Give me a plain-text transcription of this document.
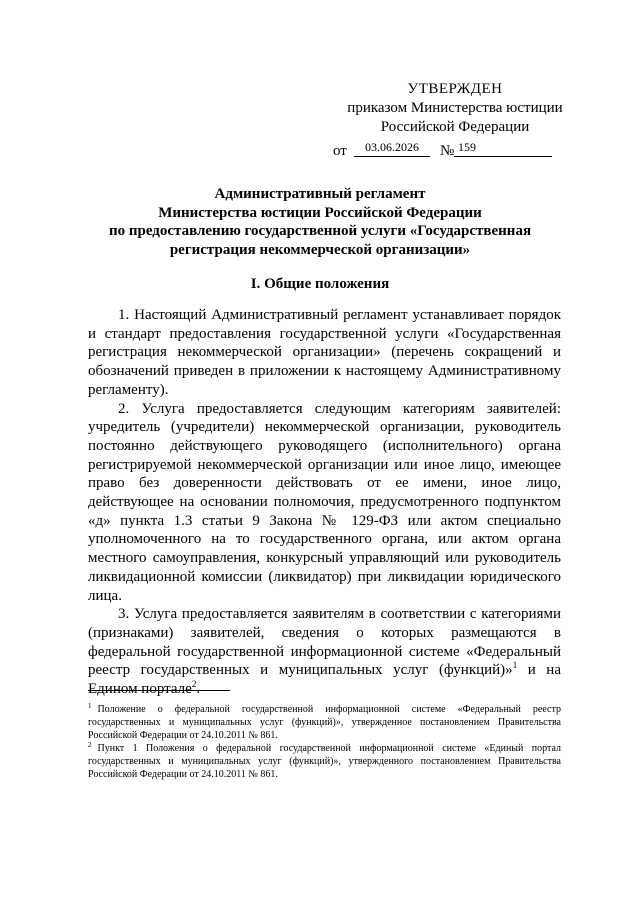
УТВЕРЖДЕН
приказом Министерства юстиции
Российской Федерации
от	03.06.2026	№ 159
Административный регламент
Министерства юстиции Российской Федерации
по предоставлению государственной услуги «Государственная
регистрация некоммерческой организации»
I. Общие положения

1. Настоящий Административный регламент устанавливает порядок и стандарт предоставления государственной услуги «Государственная регистрация некоммерческой организации» (перечень сокращений и обозначений приведен в приложении к настоящему Административному регламенту).

2. Услуга предоставляется следующим категориям заявителей: учредитель (учредители) некоммерческой организации, руководитель постоянно действующего руководящего (исполнительного) органа регистрируемой некоммерческой организации или иное лицо, имеющее право без доверенности действовать от ее имени, иное лицо, действующее на основании полномочия, предусмотренного подпунктом «д» пункта 1.3 статьи 9 Закона № 129-ФЗ или актом специально уполномоченного на то государственного органа, или актом органа местного самоуправления, конкурсный управляющий или руководитель ликвидационной комиссии (ликвидатор) при ликвидации юридического лица.

3. Услуга предоставляется заявителям в соответствии с категориями (признаками) заявителей, сведения о которых размещаются в федеральной государственной информационной системе «Федеральный реестр государственных и муниципальных услуг (функций)»$^1$ и на Едином портале$^2$.

$^1$ Положение о федеральной государственной информационной системе «Федеральный реестр государственных и муниципальных услуг (функций)», утвержденное постановлением Правительства Российской Федерации от 24.10.2011 № 861.

$^2$ Пункт 1 Положения о федеральной государственной информационной системе «Единый портал государственных и муниципальных услуг (функций)», утвержденного постановлением Правительства Российской Федерации от 24.10.2011 № 861.
